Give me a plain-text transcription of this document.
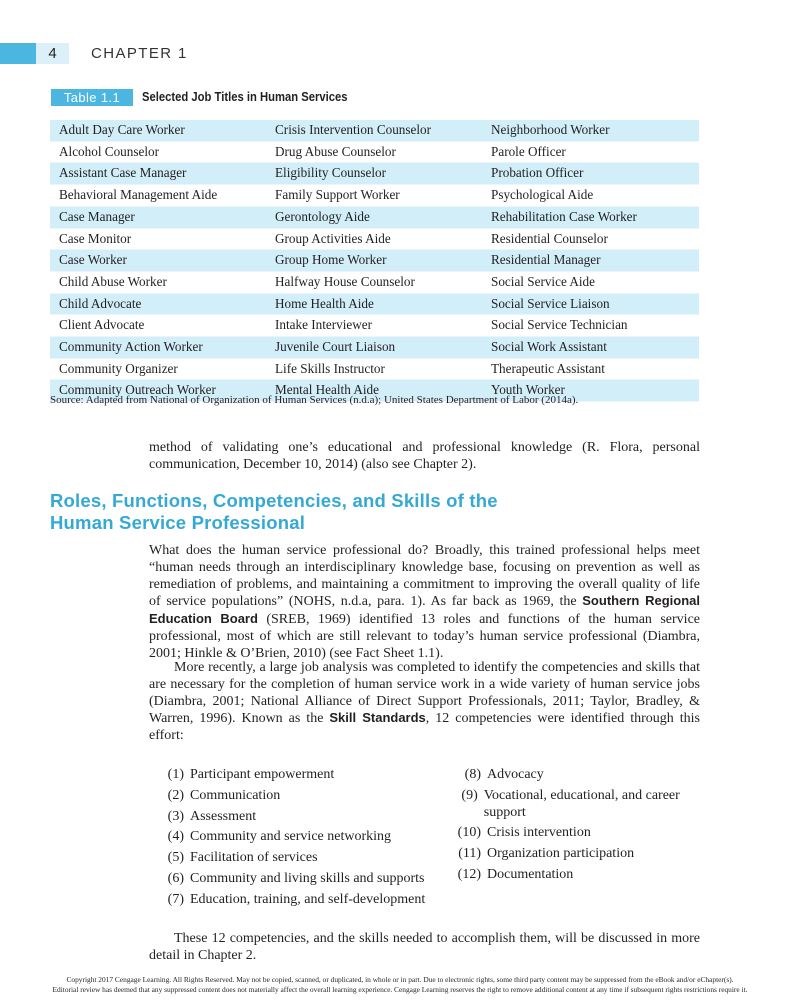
4	CHAPTER 1
Table 1.1	Selected Job Titles in Human Services
Adult Day Care Worker	Crisis Intervention Counselor	Neighborhood Worker
Alcohol Counselor	Drug Abuse Counselor	Parole Officer
Assistant Case Manager	Eligibility Counselor	Probation Officer
Behavioral Management Aide	Family Support Worker	Psychological Aide
Case Manager	Gerontology Aide	Rehabilitation Case Worker
Case Monitor	Group Activities Aide	Residential Counselor
Case Worker	Group Home Worker	Residential Manager
Child Abuse Worker	Halfway House Counselor	Social Service Aide
Child Advocate	Home Health Aide	Social Service Liaison
Client Advocate	Intake Interviewer	Social Service Technician
Community Action Worker	Juvenile Court Liaison	Social Work Assistant
Community Organizer	Life Skills Instructor	Therapeutic Assistant
Community Outreach Worker	Mental Health Aide	Youth Worker
Source: Adapted from National of Organization of Human Services (n.d.a); United States Department of Labor (2014a).
method of validating one’s educational and professional knowledge (R. Flora, personal communication, December 10, 2014) (also see Chapter 2).
Roles, Functions, Competencies, and Skills of the
Human Service Professional
What does the human service professional do? Broadly, this trained professional helps meet “human needs through an interdisciplinary knowledge base, focusing on prevention as well as remediation of problems, and maintaining a commitment to improving the overall quality of life of service populations” (NOHS, n.d.a, para. 1). As far back as 1969, the Southern Regional Education Board (SREB, 1969) identified 13 roles and functions of the human service professional, most of which are still relevant to today’s human service professional (Diambra, 2001; Hinkle & O’Brien, 2010) (see Fact Sheet 1.1).
More recently, a large job analysis was completed to identify the competencies and skills that are necessary for the completion of human service work in a wide variety of human service jobs (Diambra, 2001; National Alliance of Direct Support Professionals, 2011; Taylor, Bradley, & Warren, 1996). Known as the Skill Standards, 12 competencies were identified through this effort:
(1) Participant empowerment
(2) Communication
(3) Assessment
(4) Community and service networking
(5) Facilitation of services
(6) Community and living skills and supports
(7) Education, training, and self-development
(8) Advocacy
(9) Vocational, educational, and career support
(10) Crisis intervention
(11) Organization participation
(12) Documentation
These 12 competencies, and the skills needed to accomplish them, will be discussed in more detail in Chapter 2.
Copyright 2017 Cengage Learning. All Rights Reserved. May not be copied, scanned, or duplicated, in whole or in part. Due to electronic rights, some third party content may be suppressed from the eBook and/or eChapter(s).
Editorial review has deemed that any suppressed content does not materially affect the overall learning experience. Cengage Learning reserves the right to remove additional content at any time if subsequent rights restrictions require it.
